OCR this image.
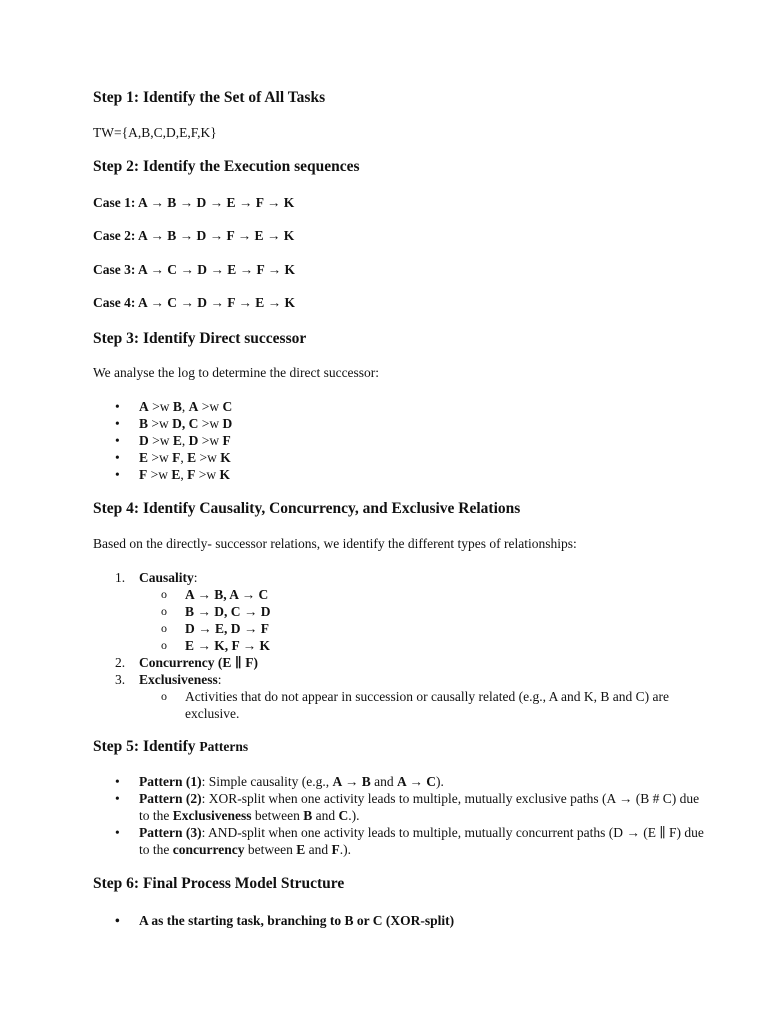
Step 1: Identify the Set of All Tasks
TW={A,B,C,D,E,F,K}
Step 2: Identify the Execution sequences
Case 1: A → B → D → E → F → K
Case 2: A → B → D → F → E → K
Case 3: A → C → D → E → F → K
Case 4: A → C → D → F → E → K
Step 3: Identify Direct successor
We analyse the log to determine the direct successor:
• A >w B, A >w C
• B >w D, C >w D
• D >w E, D >w F
• E >w F, E >w K
• F >w E, F >w K
Step 4: Identify Causality, Concurrency, and Exclusive Relations
Based on the directly- successor relations, we identify the different types of relationships:
1. Causality:
o A → B, A → C
o B → D, C → D
o D → E, D → F
o E → K, F → K
2. Concurrency (E ∥ F)
3. Exclusiveness:
o Activities that do not appear in succession or causally related (e.g., A and K, B and C) are exclusive.
Step 5: Identify Patterns
• Pattern (1): Simple causality (e.g., A → B and A → C).
• Pattern (2): XOR-split when one activity leads to multiple, mutually exclusive paths (A → (B # C) due to the Exclusiveness between B and C.).
• Pattern (3): AND-split when one activity leads to multiple, mutually concurrent paths (D → (E ∥ F) due to the concurrency between E and F.).
Step 6: Final Process Model Structure
• A as the starting task, branching to B or C (XOR-split)
